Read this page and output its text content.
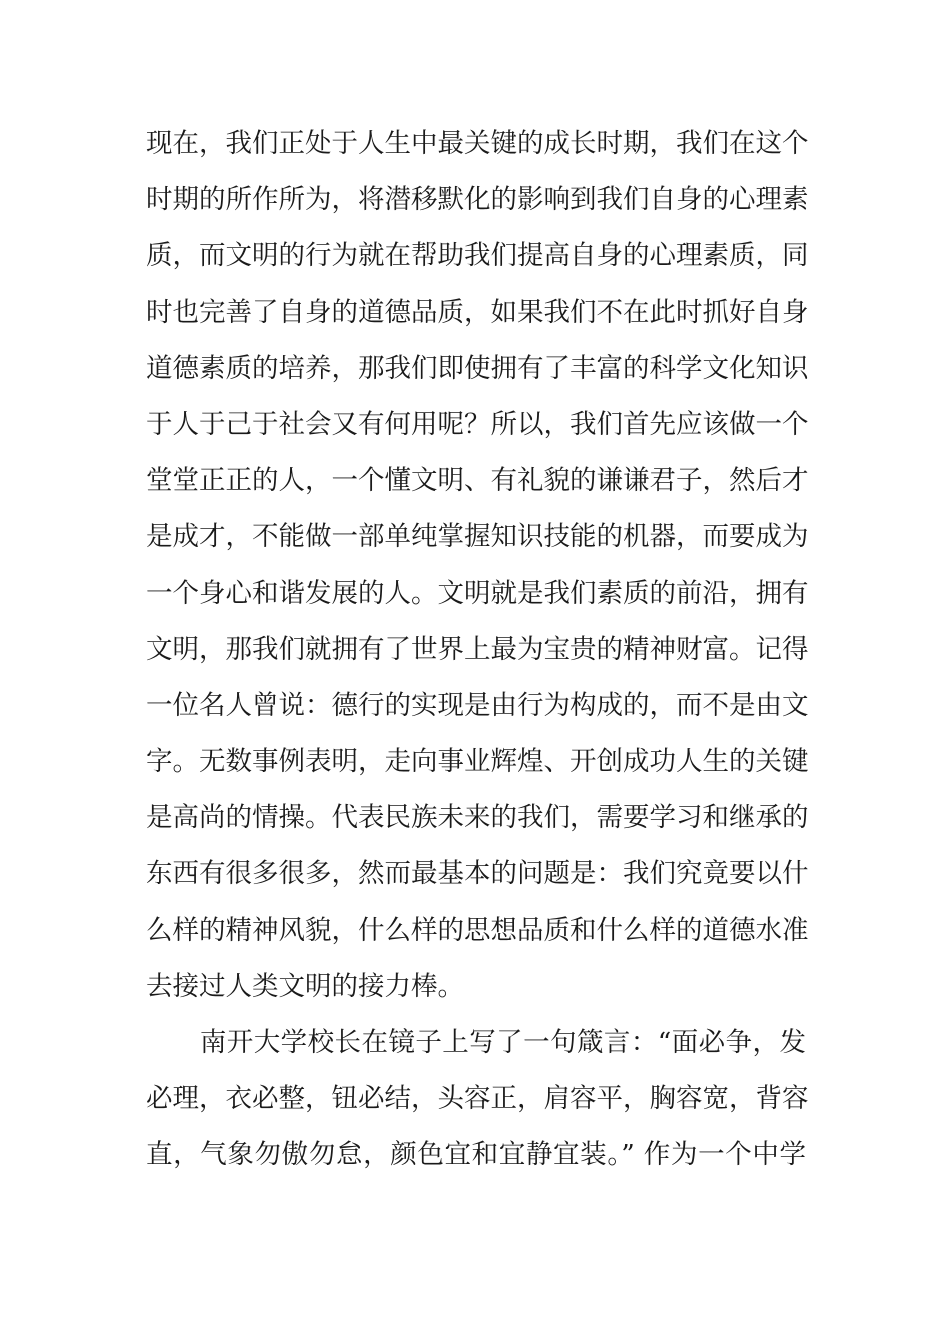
现在，我们正处于人生中最关键的成长时期，我们在这个
时期的所作所为，将潜移默化的影响到我们自身的心理素
质，而文明的行为就在帮助我们提高自身的心理素质，同
时也完善了自身的道德品质，如果我们不在此时抓好自身
道德素质的培养，那我们即使拥有了丰富的科学文化知识
于人于己于社会又有何用呢？所以，我们首先应该做一个
堂堂正正的人，一个懂文明、有礼貌的谦谦君子，然后才
是成才，不能做一部单纯掌握知识技能的机器，而要成为
一个身心和谐发展的人。文明就是我们素质的前沿，拥有
文明，那我们就拥有了世界上最为宝贵的精神财富。记得
一位名人曾说：德行的实现是由行为构成的，而不是由文
字。无数事例表明，走向事业辉煌、开创成功人生的关键
是高尚的情操。代表民族未来的我们，需要学习和继承的
东西有很多很多，然而最基本的问题是：我们究竟要以什
么样的精神风貌，什么样的思想品质和什么样的道德水准
去接过人类文明的接力棒。
　　南开大学校长在镜子上写了一句箴言：“面必争，发
必理，衣必整，钮必结，头容正，肩容平，胸容宽，背容
直，气象勿傲勿怠，颜色宜和宜静宜装。” 作为一个中学
